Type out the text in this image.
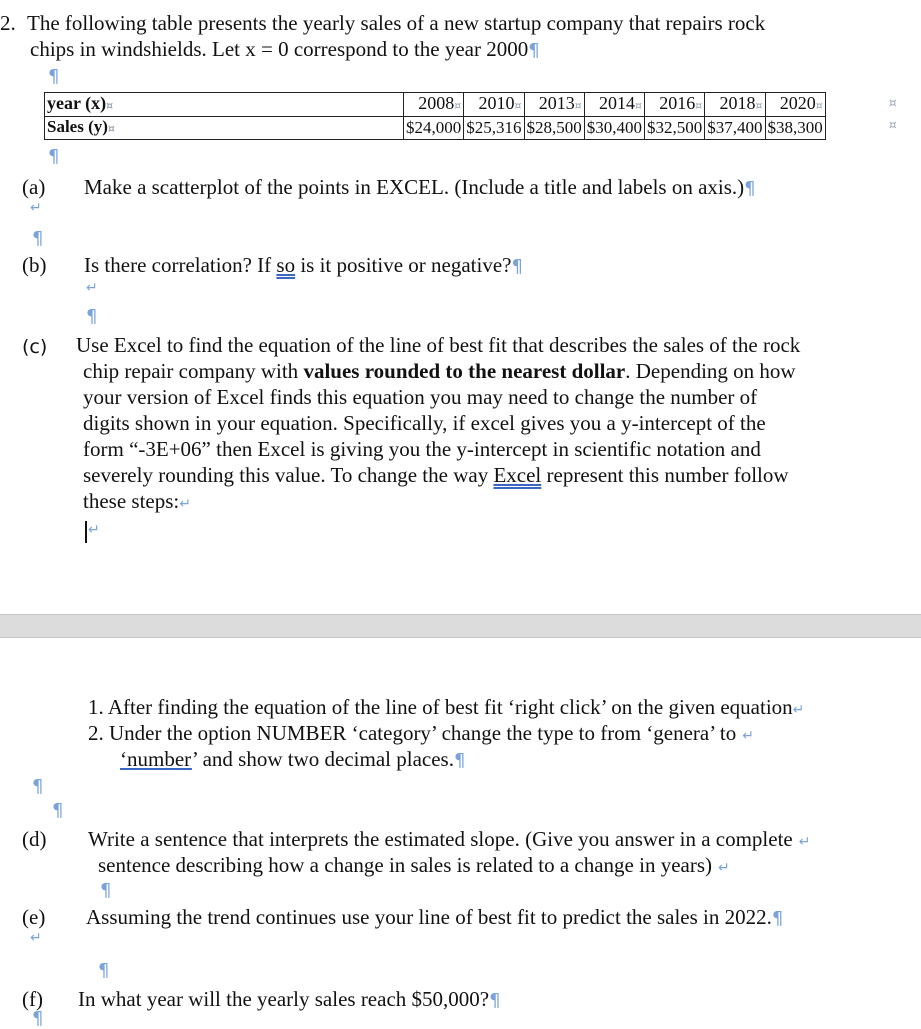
2. The following table presents the yearly sales of a new startup company that repairs rock
chips in windshields. Let x = 0 correspond to the year 2000¶
¶
year (x)¤	2008¤	2010¤	2013¤	2014¤	2016¤	2018¤	2020¤
Sales (y)¤	$24,000	$25,316	$28,500	$30,400	$32,500	$37,400	$38,300
¤
¤
¶
(a) Make a scatterplot of the points in EXCEL. (Include a title and labels on axis.)¶
↵
¶
(b) Is there correlation? If so is it positive or negative?¶
↵
¶
(c) Use Excel to find the equation of the line of best fit that describes the sales of the rock
chip repair company with values rounded to the nearest dollar. Depending on how
your version of Excel finds this equation you may need to change the number of
digits shown in your equation. Specifically, if excel gives you a y-intercept of the
form “-3E+06” then Excel is giving you the y-intercept in scientific notation and
severely rounding this value. To change the way Excel represent this number follow
these steps:↵
↵
1. After finding the equation of the line of best fit ‘right click’ on the given equation↵
2. Under the option NUMBER ‘category’ change the type to from ‘genera’ to ↵
‘number’ and show two decimal places.¶
¶
¶
(d) Write a sentence that interprets the estimated slope. (Give you answer in a complete ↵
sentence describing how a change in sales is related to a change in years) ↵
¶
(e) Assuming the trend continues use your line of best fit to predict the sales in 2022.¶
↵
¶
(f) In what year will the yearly sales reach $50,000?¶
¶
